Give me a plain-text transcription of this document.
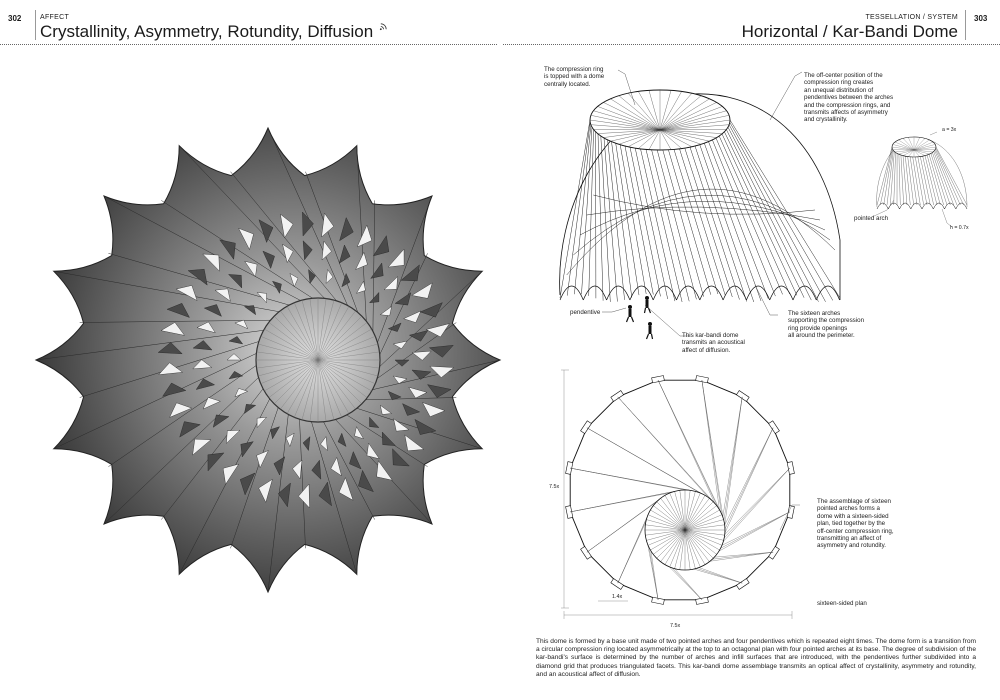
302	AFFECT
Crystallinity, Asymmetry, Rotundity, Diffusion
TESSELLATION / SYSTEM 303
Horizontal / Kar-Bandi Dome
The compression ring
is topped with a dome
centrally located.
The off-center position of the
compression ring creates
an unequal distribution of
pendentives between the arches
and the compression rings, and
transmits affects of asymmetry
and crystallinity.
pendentive
This kar-bandi dome
transmits an acoustical
affect of diffusion.
The sixteen arches
supporting the compression
ring provide openings
all around the perimeter.
pointed arch
a = 3x
h = 0.7x
The assemblage of sixteen
pointed arches forms a
dome with a sixteen-sided
plan, tied together by the
off-center compression ring,
transmitting an affect of
asymmetry and rotundity.
sixteen-sided plan
7.5x
7.5x
1.4x
This dome is formed by a base unit made of two pointed arches and four pendentives which is repeated eight times. The dome form is a transition from a circular compression ring located asymmetrically at the top to an octagonal plan with four pointed arches at its base. The degree of subdivision of the kar-bandi's surface is determined by the number of arches and infill surfaces that are introduced, with the pendentives further subdivided into a diamond grid that produces triangulated facets. This kar-bandi dome assemblage transmits an optical affect of crystallinity, asymmetry and rotundity, and an acoustical affect of diffusion.
